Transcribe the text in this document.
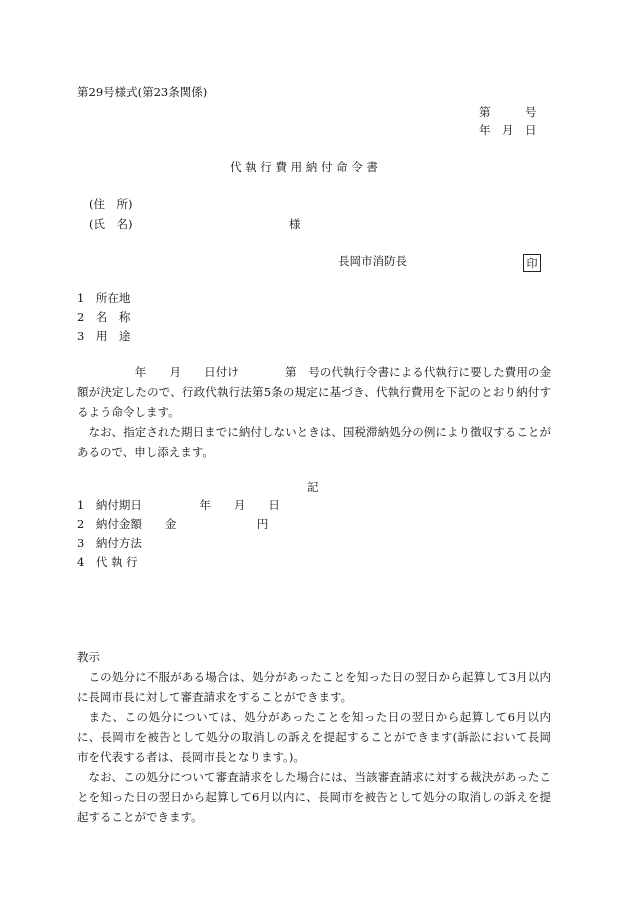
第29号様式(第23条関係)
第　　　号
年　月　日
代 執 行 費 用 納 付 命 令 書
(住　所)
(氏　名)	様
長岡市消防長	印
1　所在地
2　名　称
3　用　途
　　　　　年　　月　　日付け　　　　第　号の代執行令書による代執行に要した費用の金額が決定したので、行政代執行法第5条の規定に基づき、代執行費用を下記のとおり納付するよう命令します。
なお、指定された期日までに納付しないときは、国税滞納処分の例により徴収することがあるので、申し添えます。
記
1　納付期日　　　　　年　　月　　日
2　納付金額　　金　　　　　　　円
3　納付方法
4　代 執 行
教示
この処分に不服がある場合は、処分があったことを知った日の翌日から起算して3月以内に長岡市長に対して審査請求をすることができます。
また、この処分については、処分があったことを知った日の翌日から起算して6月以内に、長岡市を被告として処分の取消しの訴えを提起することができます(訴訟において長岡市を代表する者は、長岡市長となります。)。
なお、この処分について審査請求をした場合には、当該審査請求に対する裁決があったことを知った日の翌日から起算して6月以内に、長岡市を被告として処分の取消しの訴えを提起することができます。
